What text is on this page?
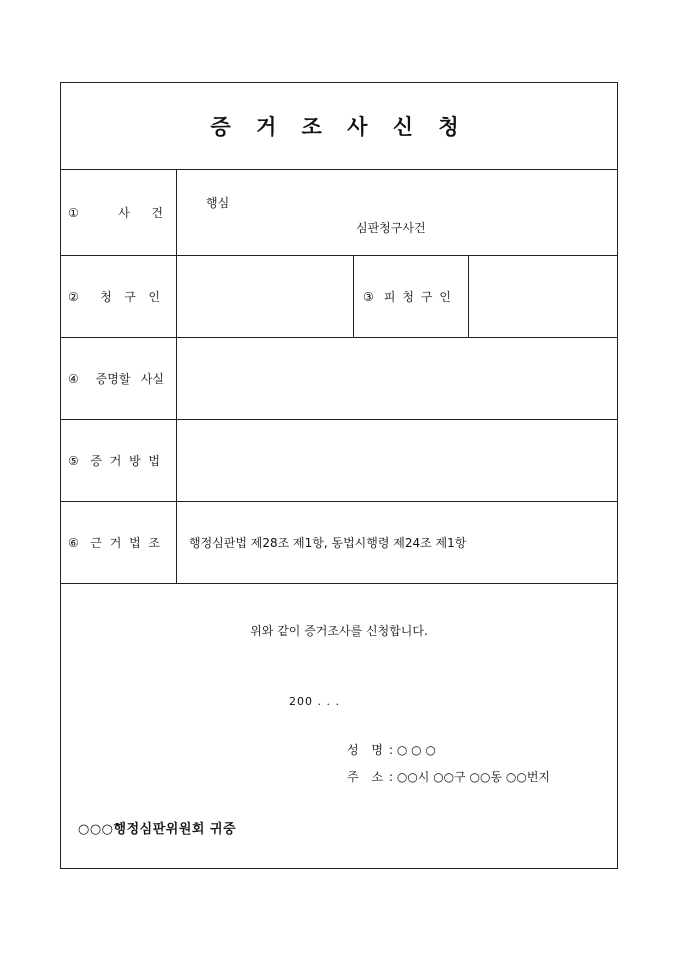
증 거 조 사 신 청
① 사 건
행심
심판청구사건
② 청 구 인	③ 피 청 구 인
④ 증명할 사실
⑤ 증 거 방 법
⑥ 근 거 법 조 행정심판법 제28조 제1항, 동법시행령 제24조 제1항
위와 같이 증거조사를 신청합니다.
200 . . .
성 명 : ○ ○ ○
주 소 : ○○시 ○○구 ○○동 ○○번지
○○○행정심판위원회 귀중
